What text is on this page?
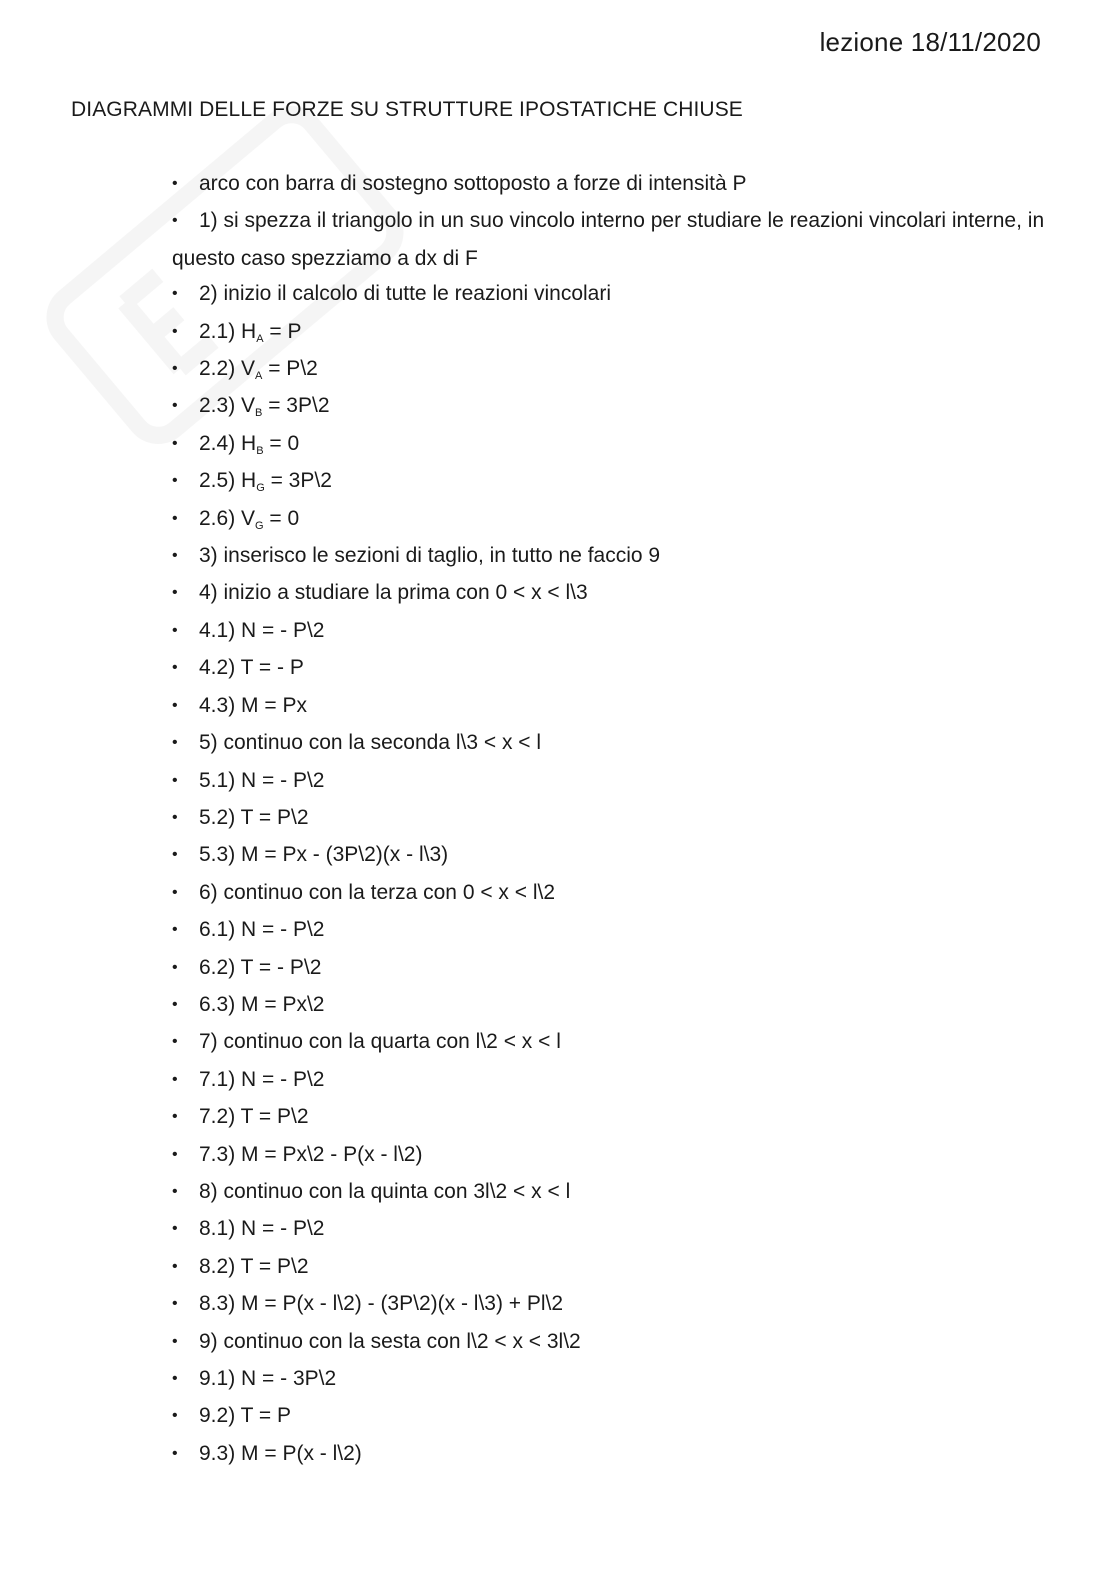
lezione 18/11/2020
DIAGRAMMI DELLE FORZE SU STRUTTURE IPOSTATICHE CHIUSE
•arco con barra di sostegno sottoposto a forze di intensità P
•1) si spezza il triangolo in un suo vincolo interno per studiare le reazioni vincolari interne, in questo caso spezziamo a dx di F
•2) inizio il calcolo di tutte le reazioni vincolari
•2.1) $H_A = P$
•2.2) $V_A$ = P\2
•2.3) $V_B$ = 3P\2
•2.4) $H_B = 0$
•2.5) $H_G$ = 3P\2
•2.6) $V_G = 0$
•3) inserisco le sezioni di taglio, in tutto ne faccio 9
•4) inizio a studiare la prima con 0 < x < l\3
•4.1) N = - P\2
•4.2) T = - P
•4.3) M = Px
•5) continuo con la seconda l\3 < x < l
•5.1) N = - P\2
•5.2) T = P\2
•5.3) M = Px - (3P\2)(x - l\3)
•6) continuo con la terza con 0 < x < l\2
•6.1) N = - P\2
•6.2) T = - P\2
•6.3) M = Px\2
•7) continuo con la quarta con l\2 < x < l
•7.1) N = - P\2
•7.2) T = P\2
•7.3) M = Px\2 - P(x - l\2)
•8) continuo con la quinta con 3l\2 < x < l
•8.1) N = - P\2
•8.2) T = P\2
•8.3) M = P(x - l\2) - (3P\2)(x - l\3) + Pl\2
•9) continuo con la sesta con l\2 < x < 3l\2
•9.1) N = - 3P\2
•9.2) T = P
•9.3) M = P(x - l\2)
